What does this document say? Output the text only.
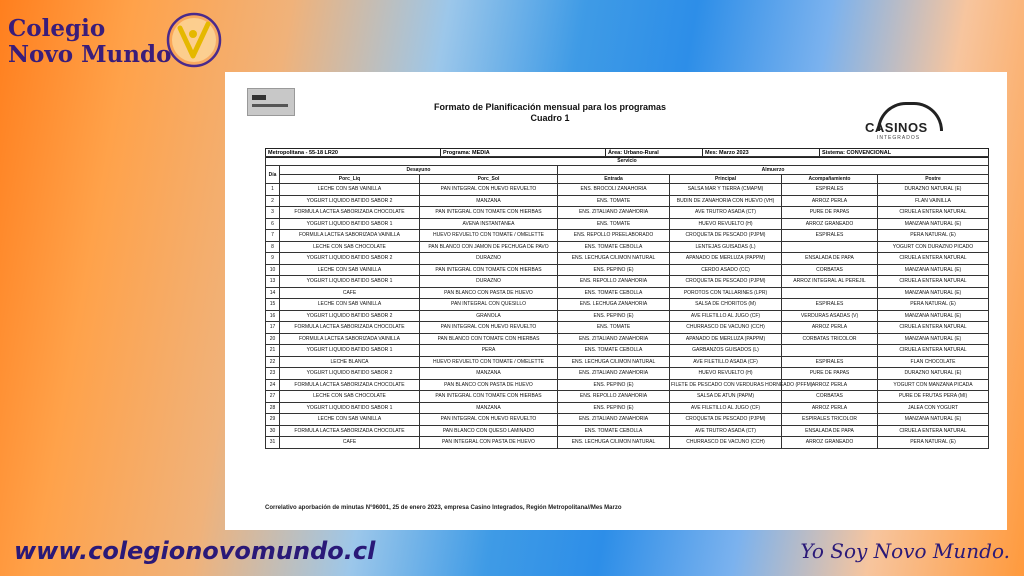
Colegio
Novo Mundo
Formato de Planificación mensual para los programas
Cuadro 1
CASINOS
INTEGRADOS
Metropolitana - 55-18 LR20	Programa: MEDIA	Área: Urbano-Rural	Mes: Marzo 2023	Sistema: CONVENCIONAL
Servicio						
Día	Desayuno		Almuerzo			
	Porc_Liq	Porc_Sol	Entrada	Principal	Acompañamiento	Postre
1	LECHE CON SAB VAINILLA	PAN INTEGRAL CON HUEVO REVUELTO	ENS. BROCOLI ZANAHORIA	SALSA MAR Y TIERRA (CMAPM)	ESPIRALES	DURAZNO NATURAL (E)
2	YOGURT LIQUIDO BATIDO SABOR 2	MANZANA	ENS. TOMATE	BUDIN DE ZANAHORIA CON HUEVO (VH)	ARROZ PERLA	FLAN VAINILLA
3	FORMULA LACTEA SABORIZADA CHOCOLATE	PAN INTEGRAL CON TOMATE CON HIERBAS	ENS. ZITALIANO ZANAHORIA	AVE TRUTRO ASADA (CT)	PURE DE PAPAS	CIRUELA ENTERA NATURAL
6	YOGURT LIQUIDO BATIDO SABOR 1	AVENA INSTANTANEA	ENS. TOMATE	HUEVO REVUELTO (H)	ARROZ GRANEADO	MANZANA NATURAL (E)
7	FORMULA LACTEA SABORIZADA VAINILLA	HUEVO REVUELTO CON TOMATE / OMELETTE	ENS. REPOLLO PREELABORADO	CROQUETA DE PESCADO (PJPM)	ESPIRALES	PERA NATURAL (E)
8	LECHE CON SAB CHOCOLATE	PAN BLANCO CON JAMON DE PECHUGA DE PAVO	ENS. TOMATE CEBOLLA	LENTEJAS GUISADAS (L)		YOGURT CON DURAZNO PICADO
9	YOGURT LIQUIDO BATIDO SABOR 2	DURAZNO	ENS. LECHUGA C/LIMON NATURAL	APANADO DE MERLUZA (PAPPM)	ENSALADA DE PAPA	CIRUELA ENTERA NATURAL
10	LECHE CON SAB VAINILLA	PAN INTEGRAL CON TOMATE CON HIERBAS	ENS. PEPINO (E)	CERDO ASADO (CC)	CORBATAS	MANZANA NATURAL (E)
13	YOGURT LIQUIDO BATIDO SABOR 1	DURAZNO	ENS. REPOLLO ZANAHORIA	CROQUETA DE PESCADO (PJPM)	ARROZ INTEGRAL AL PEREJIL	CIRUELA ENTERA NATURAL
14	CAFE	PAN BLANCO CON PASTA DE HUEVO	ENS. TOMATE CEBOLLA	POROTOS CON TALLARINES (LPR)		MANZANA NATURAL (E)
15	LECHE CON SAB VAINILLA	PAN INTEGRAL CON QUESILLO	ENS. LECHUGA ZANAHORIA	SALSA DE CHORITOS (M)	ESPIRALES	PERA NATURAL (E)
16	YOGURT LIQUIDO BATIDO SABOR 2	GRANOLA	ENS. PEPINO (E)	AVE FILETILLO AL JUGO (CF)	VERDURAS ASADAS (V)	MANZANA NATURAL (E)
17	FORMULA LACTEA SABORIZADA CHOCOLATE	PAN INTEGRAL CON HUEVO REVUELTO	ENS. TOMATE	CHURRASCO DE VACUNO (CCH)	ARROZ PERLA	CIRUELA ENTERA NATURAL
20	FORMULA LACTEA SABORIZADA VAINILLA	PAN BLANCO CON TOMATE CON HIERBAS	ENS. ZITALIANO ZANAHORIA	APANADO DE MERLUZA (PAPPM)	CORBATAS TRICOLOR	MANZANA NATURAL (E)
21	YOGURT LIQUIDO BATIDO SABOR 1	PERA	ENS. TOMATE CEBOLLA	GARBANZOS GUISADOS (L)		CIRUELA ENTERA NATURAL
22	LECHE BLANCA	HUEVO REVUELTO CON TOMATE / OMELETTE	ENS. LECHUGA C/LIMON NATURAL	AVE FILETILLO ASADA (CF)	ESPIRALES	FLAN CHOCOLATE
23	YOGURT LIQUIDO BATIDO SABOR 2	MANZANA	ENS. ZITALIANO ZANAHORIA	HUEVO REVUELTO (H)	PURE DE PAPAS	DURAZNO NATURAL (E)
24	FORMULA LACTEA SABORIZADA CHOCOLATE	PAN BLANCO CON PASTA DE HUEVO	ENS. PEPINO (E)	FILETE DE PESCADO CON VERDURAS HORNEADO (PFFM)	ARROZ PERLA	YOGURT CON MANZANA PICADA
27	LECHE CON SAB CHOCOLATE	PAN INTEGRAL CON TOMATE CON HIERBAS	ENS. REPOLLO ZANAHORIA	SALSA DE ATUN (PAPM)	CORBATAS	PURE DE FRUTAS PERA (MI)
28	YOGURT LIQUIDO BATIDO SABOR 1	MANZANA	ENS. PEPINO (E)	AVE FILETILLO AL JUGO (CF)	ARROZ PERLA	JALEA CON YOGURT
29	LECHE CON SAB VAINILLA	PAN INTEGRAL CON HUEVO REVUELTO	ENS. ZITALIANO ZANAHORIA	CROQUETA DE PESCADO (PJPM)	ESPIRALES TRICOLOR	MANZANA NATURAL (E)
30	FORMULA LACTEA SABORIZADA CHOCOLATE	PAN BLANCO CON QUESO LAMINADO	ENS. TOMATE CEBOLLA	AVE TRUTRO ASADA (CT)	ENSALADA DE PAPA	CIRUELA ENTERA NATURAL
31	CAFE	PAN INTEGRAL CON PASTA DE HUEVO	ENS. LECHUGA C/LIMON NATURAL	CHURRASCO DE VACUNO (CCH)	ARROZ GRANEADO	PERA NATURAL (E)
Correlativo aporbación de minutas N°96001, 25 de enero 2023, empresa Casino Integrados, Región Metropolitana//Mes Marzo
www.colegionovomundo.cl	Yo Soy Novo Mundo.
